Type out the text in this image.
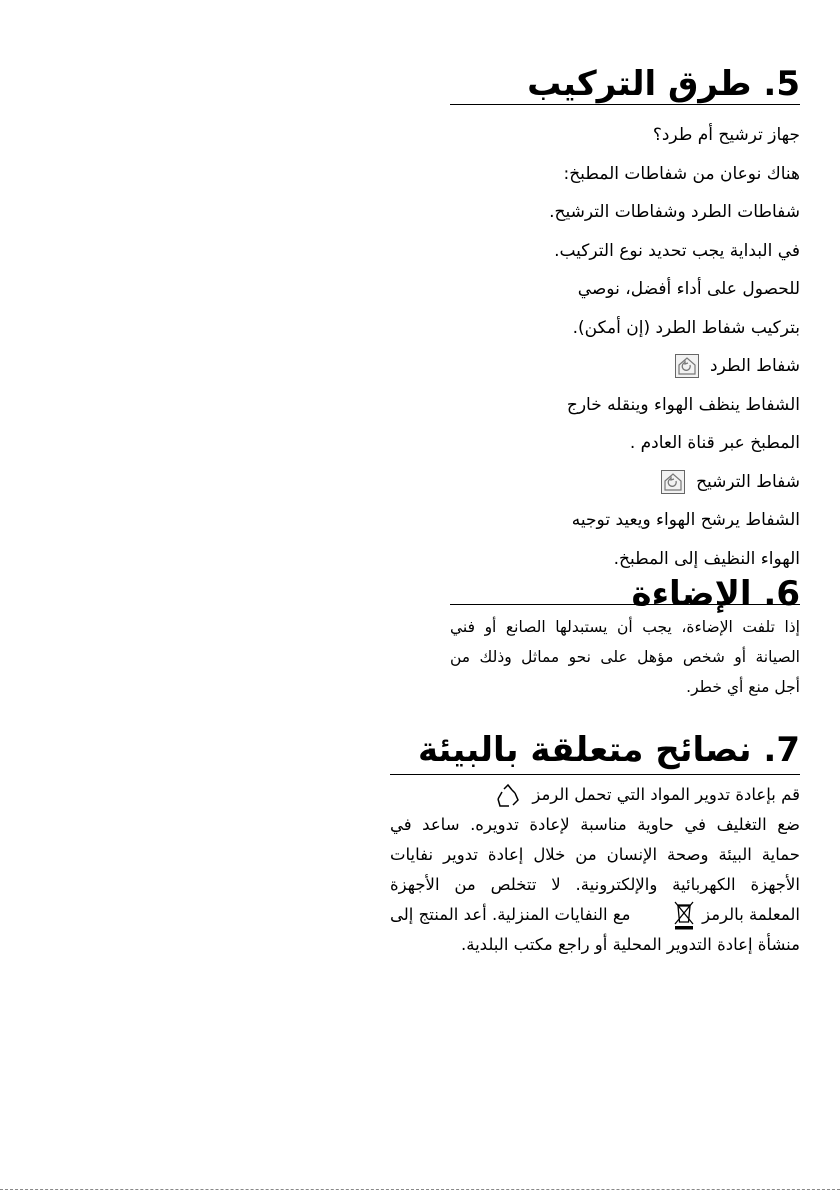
5. طرق التركيب
جهاز ترشيح أم طرد؟
هناك نوعان من شفاطات المطبخ:
شفاطات الطرد وشفاطات الترشيح.
في البداية يجب تحديد نوع التركيب.
للحصول على أداء أفضل، نوصي
بتركيب شفاط الطرد (إن أمكن).
شفاط الطرد
الشفاط ينظف الهواء وينقله خارج
المطبخ عبر قناة العادم .
شفاط الترشيح
الشفاط يرشح الهواء ويعيد توجيه
الهواء النظيف إلى المطبخ.
6. الإضاءة
إذا تلفت الإضاءة، يجب أن يستبدلها الصانع أو فني
الصيانة أو شخص مؤهل على نحو مماثل وذلك من
أجل منع أي خطر.
7. نصائح متعلقة بالبيئة
قم بإعادة تدوير المواد التي تحمل الرمز
ضع التغليف في حاوية مناسبة لإعادة تدويره. ساعد في
حماية البيئة وصحة الإنسان من خلال إعادة تدوير نفايات
الأجهزة الكهربائية والإلكترونية. لا تتخلص من الأجهزة
المعلمة بالرمز
مع النفايات المنزلية. أعد المنتج إلى
منشأة إعادة التدوير المحلية أو راجع مكتب البلدية.
